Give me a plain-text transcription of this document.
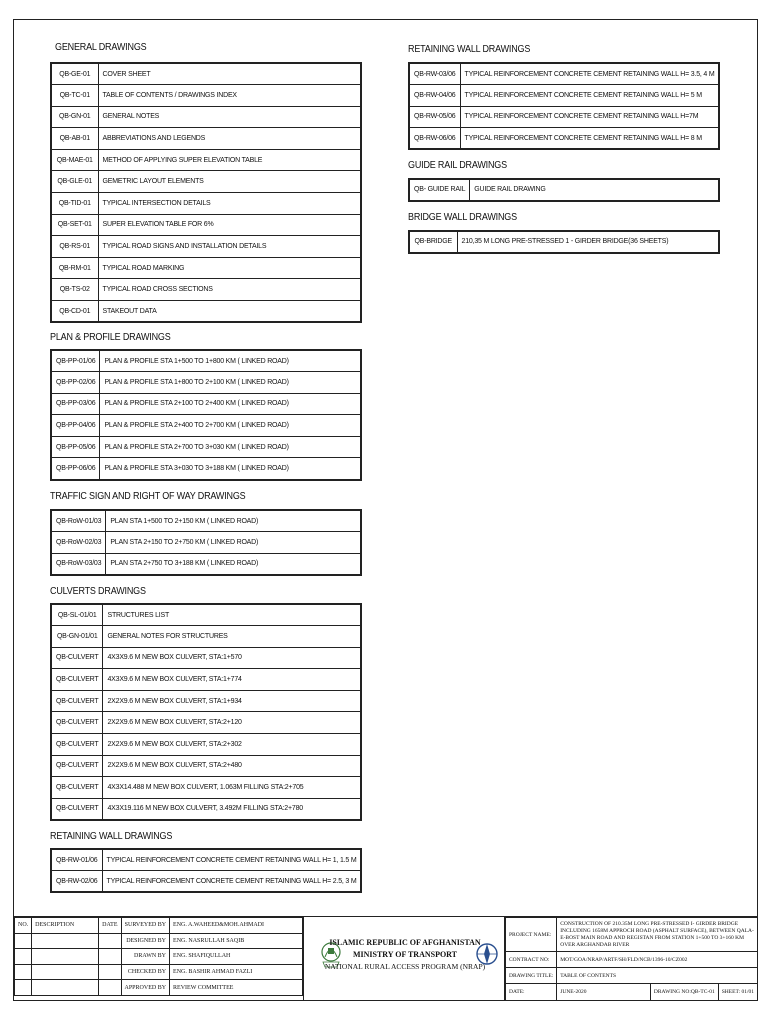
GENERAL DRAWINGS
QB-GE-01	COVER SHEET
QB-TC-01	TABLE OF CONTENTS / DRAWINGS INDEX
QB-GN-01	GENERAL NOTES
QB-AB-01	ABBREVIATIONS AND LEGENDS
QB-MAE-01	METHOD OF APPLYING SUPER ELEVATION TABLE
QB-GLE-01	GEMETRIC LAYOUT ELEMENTS
QB-TID-01	TYPICAL INTERSECTION DETAILS
QB-SET-01	SUPER ELEVATION TABLE FOR 6%
QB-RS-01	TYPICAL ROAD SIGNS AND INSTALLATION DETAILS
QB-RM-01	TYPICAL ROAD MARKING
QB-TS-02	TYPICAL ROAD CROSS SECTIONS
QB-CD-01	STAKEOUT DATA
PLAN & PROFILE DRAWINGS
QB-PP-01/06	PLAN & PROFILE STA 1+500 TO 1+800 KM ( LINKED ROAD)
QB-PP-02/06	PLAN & PROFILE STA 1+800 TO 2+100 KM ( LINKED ROAD)
QB-PP-03/06	PLAN & PROFILE STA 2+100 TO 2+400 KM ( LINKED ROAD)
QB-PP-04/06	PLAN & PROFILE STA 2+400 TO 2+700 KM ( LINKED ROAD)
QB-PP-05/06	PLAN & PROFILE STA 2+700 TO 3+030 KM ( LINKED ROAD)
QB-PP-06/06	PLAN & PROFILE STA 3+030 TO 3+188 KM ( LINKED ROAD)
TRAFFIC SIGN AND RIGHT OF WAY DRAWINGS
QB-RoW-01/03	PLAN STA 1+500 TO 2+150 KM ( LINKED ROAD)
QB-RoW-02/03	PLAN STA 2+150 TO 2+750 KM ( LINKED ROAD)
QB-RoW-03/03	PLAN STA 2+750 TO 3+188 KM ( LINKED ROAD)
CULVERTS DRAWINGS
QB-SL-01/01	STRUCTURES LIST
QB-GN-01/01	GENERAL NOTES FOR STRUCTURES
QB-CULVERT	4X3X9.6 M NEW BOX CULVERT, STA:1+570
QB-CULVERT	4X3X9.6 M NEW BOX CULVERT, STA:1+774
QB-CULVERT	2X2X9.6 M NEW BOX CULVERT, STA:1+934
QB-CULVERT	2X2X9.6 M NEW BOX CULVERT, STA:2+120
QB-CULVERT	2X2X9.6 M NEW BOX CULVERT, STA:2+302
QB-CULVERT	2X2X9.6 M NEW BOX CULVERT, STA:2+480
QB-CULVERT	4X3X14.488 M NEW BOX CULVERT, 1.063M FILLING STA:2+705
QB-CULVERT	4X3X19.116 M NEW BOX CULVERT, 3.492M FILLING STA:2+780
RETAINING WALL DRAWINGS
QB-RW-01/06	TYPICAL REINFORCEMENT CONCRETE CEMENT RETAINING WALL H= 1, 1.5 M
QB-RW-02/06	TYPICAL REINFORCEMENT CONCRETE CEMENT RETAINING WALL H= 2.5, 3 M
RETAINING WALL DRAWINGS
QB-RW-03/06	TYPICAL REINFORCEMENT CONCRETE CEMENT RETAINING WALL H= 3.5, 4 M
QB-RW-04/06	TYPICAL REINFORCEMENT CONCRETE CEMENT RETAINING WALL H= 5 M
QB-RW-05/06	TYPICAL REINFORCEMENT CONCRETE CEMENT RETAINING WALL H=7M
QB-RW-06/06	TYPICAL REINFORCEMENT CONCRETE CEMENT RETAINING WALL H= 8 M
GUIDE RAIL DRAWINGS
QB- GUIDE RAIL	GUIDE RAIL DRAWING
BRIDGE WALL DRAWINGS
QB-BRIDGE	210,35 M LONG PRE-STRESSED 1 - GIRDER BRIDGE(36 SHEETS)
NO.	DESCRIPTION	DATE	SURVEYED BY	ENG. A.WAHEED&MOH.AHMADI
			DESIGNED BY	ENG. NASRULLAH SAQIB
			DRAWN BY	ENG. SHAFIQULLAH
			CHECKED BY	ENG. BASHIR AHMAD FAZLI
			APPROVED BY	REVIEW COMMITTEE
ISLAMIC REPUBLIC OF AFGHANISTAN
MINISTRY OF TRANSPORT
NATIONAL RURAL ACCESS PROGRAM (NRAP)
PROJECT NAME:	CONSTRUCTION OF 210.35M LONG PRE-STRESSED I- GIRDER BRIDGE INCLUDING 1658M APPROCH ROAD (ASPHALT SURFACE), BETWEEN QALA-E-BOST MAIN ROAD AND REGISTAN FROM STATION 1+500 TO 3+160 KM OVER ARGHANDAB RIVER		
CONTRACT NO:	MOT/GOA/NRAP/ARTF/SH/FLD/NCB/1396-10/CZ002		
DRAWING TITLE:	TABLE OF CONTENTS		
DATE:	JUNE-2020	DRAWING NO:QB-TC-01	SHEET: 01/01
